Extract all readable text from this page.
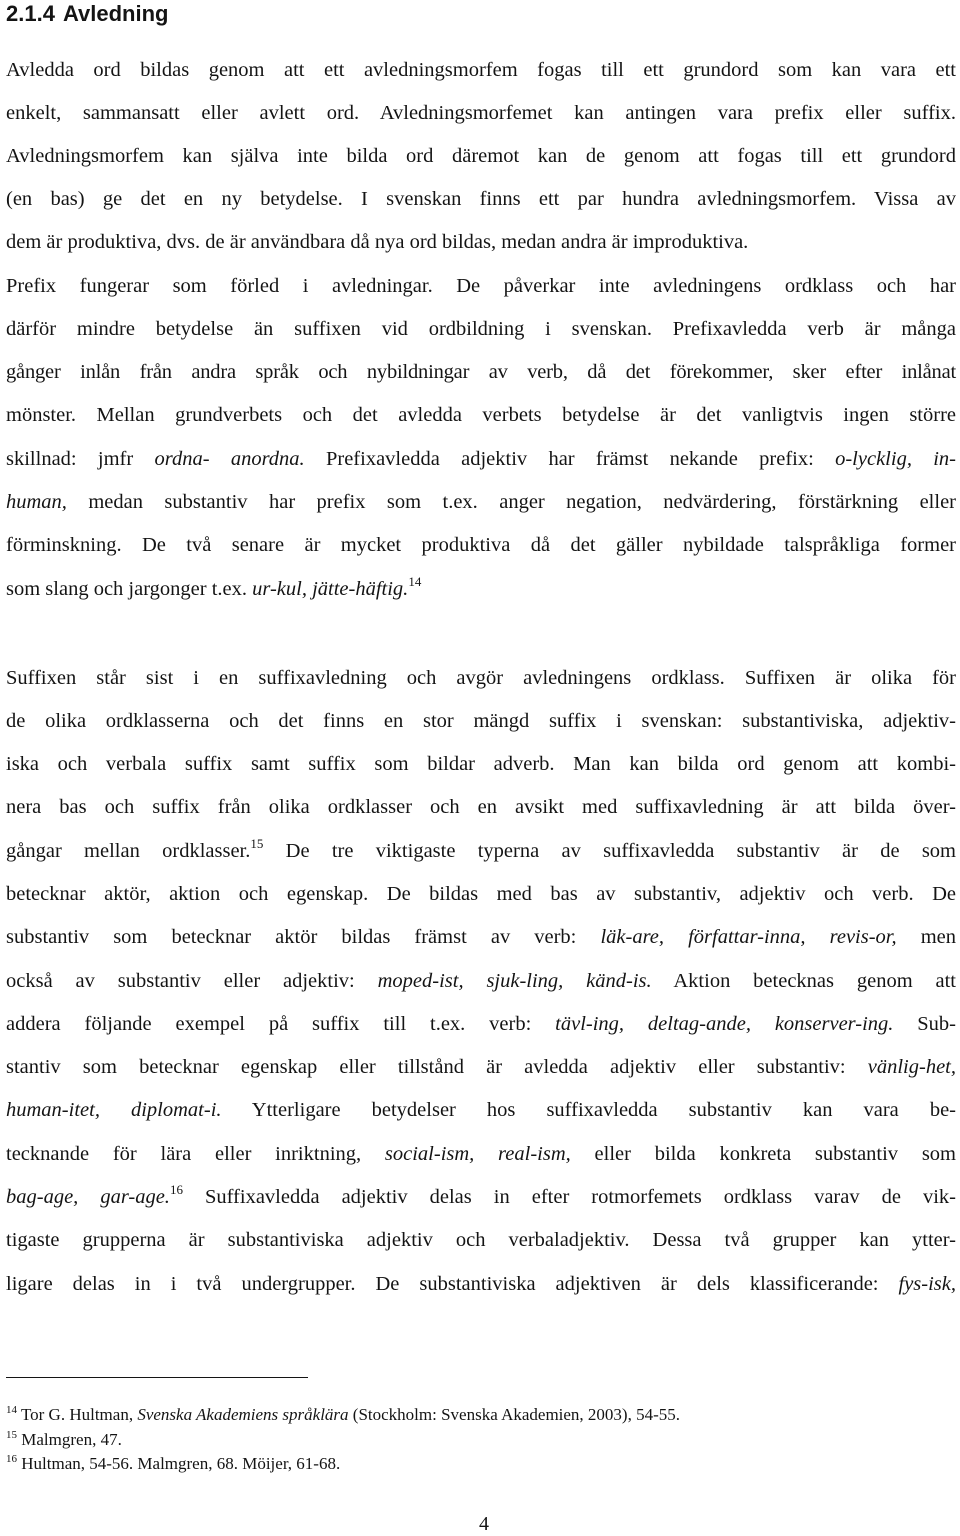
2.1.4 Avledning
Avledda ord bildas genom att ett avledningsmorfem fogas till ett grundord som kan vara ett
enkelt, sammansatt eller avlett ord. Avledningsmorfemet kan antingen vara prefix eller suffix.
Avledningsmorfem kan själva inte bilda ord däremot kan de genom att fogas till ett grundord
(en bas) ge det en ny betydelse. I svenskan finns ett par hundra avledningsmorfem. Vissa av
dem är produktiva, dvs. de är användbara då nya ord bildas, medan andra är improduktiva.
Prefix fungerar som förled i avledningar. De påverkar inte avledningens ordklass och har
därför mindre betydelse än suffixen vid ordbildning i svenskan. Prefixavledda verb är många
gånger inlån från andra språk och nybildningar av verb, då det förekommer, sker efter inlånat
mönster. Mellan grundverbets och det avledda verbets betydelse är det vanligtvis ingen större
skillnad: jmfr ordna- anordna. Prefixavledda adjektiv har främst nekande prefix: o-lycklig, in-
human, medan substantiv har prefix som t.ex. anger negation, nedvärdering, förstärkning eller
förminskning. De två senare är mycket produktiva då det gäller nybildade talspråkliga former
som slang och jargonger t.ex. ur-kul, jätte-häftig.$^{14}$
Suffixen står sist i en suffixavledning och avgör avledningens ordklass. Suffixen är olika för
de olika ordklasserna och det finns en stor mängd suffix i svenskan: substantiviska, adjektiv-
iska och verbala suffix samt suffix som bildar adverb. Man kan bilda ord genom att kombi-
nera bas och suffix från olika ordklasser och en avsikt med suffixavledning är att bilda över-
gångar mellan ordklasser.$^{15}$ De tre viktigaste typerna av suffixavledda substantiv är de som
betecknar aktör, aktion och egenskap. De bildas med bas av substantiv, adjektiv och verb. De
substantiv som betecknar aktör bildas främst av verb: läk-are, författar-inna, revis-or, men
också av substantiv eller adjektiv: moped-ist, sjuk-ling, känd-is. Aktion betecknas genom att
addera följande exempel på suffix till t.ex. verb: tävl-ing, deltag-ande, konserver-ing. Sub-
stantiv som betecknar egenskap eller tillstånd är avledda adjektiv eller substantiv: vänlig-het,
human-itet, diplomat-i. Ytterligare betydelser hos suffixavledda substantiv kan vara be-
tecknande för lära eller inriktning, social-ism, real-ism, eller bilda konkreta substantiv som
bag-age, gar-age.$^{16}$ Suffixavledda adjektiv delas in efter rotmorfemets ordklass varav de vik-
tigaste grupperna är substantiviska adjektiv och verbaladjektiv. Dessa två grupper kan ytter-
ligare delas in i två undergrupper. De substantiviska adjektiven är dels klassificerande: fys-isk,
$^{14}$ Tor G. Hultman, Svenska Akademiens språklära (Stockholm: Svenska Akademien, 2003), 54-55.
$^{15}$ Malmgren, 47.
$^{16}$ Hultman, 54-56. Malmgren, 68. Möijer, 61-68.
4
